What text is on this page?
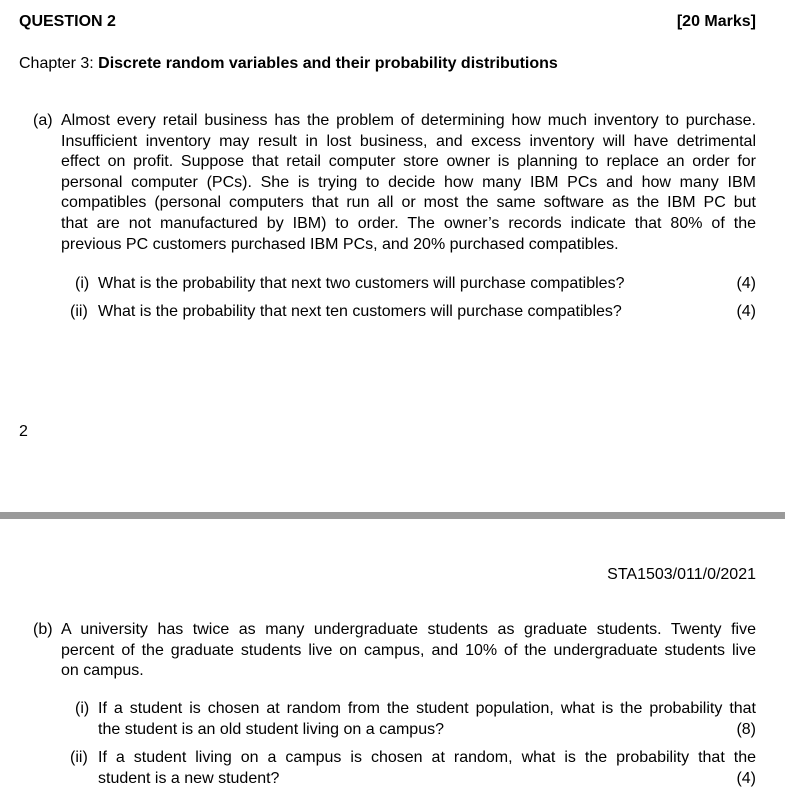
QUESTION 2	[20 Marks]
Chapter 3: Discrete random variables and their probability distributions
(a) Almost every retail business has the problem of determining how much inventory to purchase.
Insufficient inventory may result in lost business, and excess inventory will have detrimental
effect on profit. Suppose that retail computer store owner is planning to replace an order for
personal computer (PCs). She is trying to decide how many IBM PCs and how many IBM
compatibles (personal computers that run all or most the same software as the IBM PC but
that are not manufactured by IBM) to order. The owner’s records indicate that 80% of the
previous PC customers purchased IBM PCs, and 20% purchased compatibles.
(i) What is the probability that next two customers will purchase compatibles?	(4)
(ii) What is the probability that next ten customers will purchase compatibles?	(4)
2
STA1503/011/0/2021
(b) A university has twice as many undergraduate students as graduate students. Twenty five
percent of the graduate students live on campus, and 10% of the undergraduate students live
on campus.
(i) If a student is chosen at random from the student population, what is the probability that
the student is an old student living on a campus?	(8)
(ii) If a student living on a campus is chosen at random, what is the probability that the
student is a new student?	(4)
